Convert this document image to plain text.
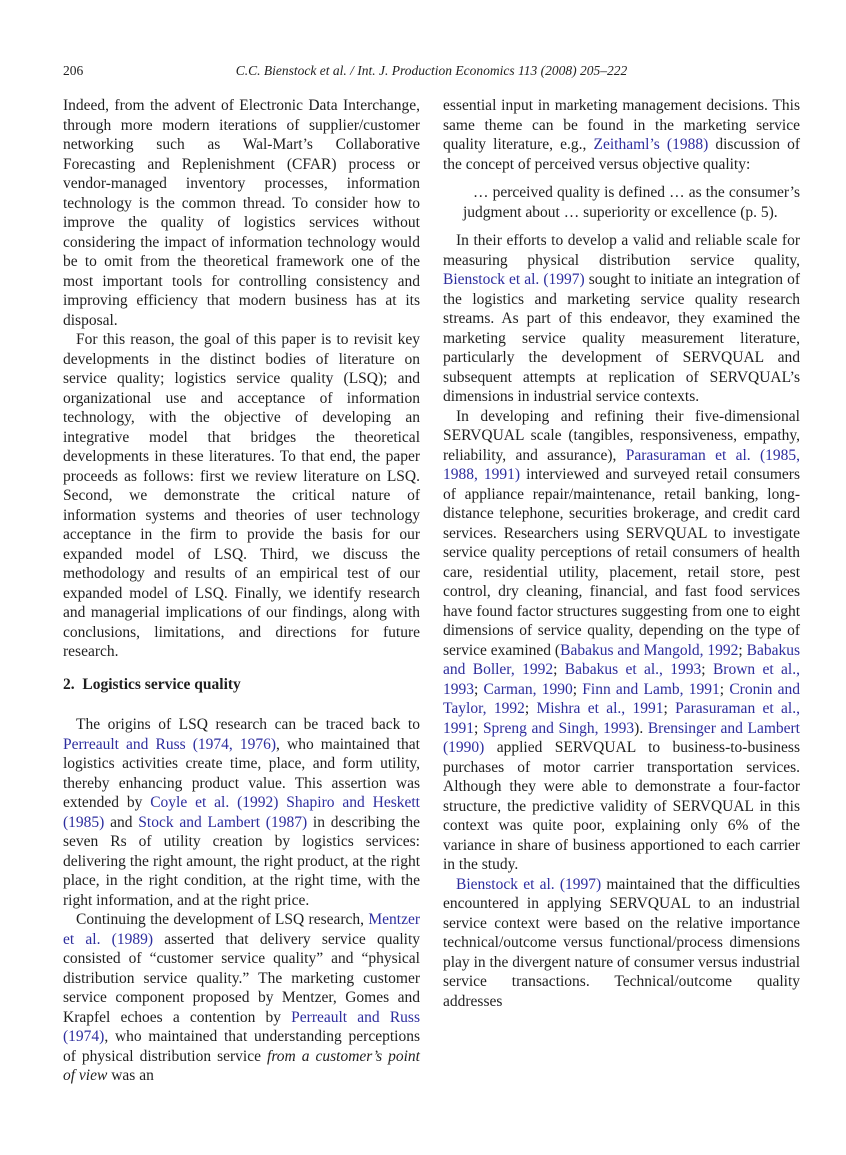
206	C.C. Bienstock et al. / Int. J. Production Economics 113 (2008) 205–222

Indeed, from the advent of Electronic Data Interchange, through more modern iterations of supplier/customer networking such as Wal-Mart’s Collaborative Forecasting and Replenishment (CFAR) process or vendor-managed inventory processes, information technology is the common thread. To consider how to improve the quality of logistics services without considering the impact of information technology would be to omit from the theoretical framework one of the most important tools for controlling consistency and improving efficiency that modern business has at its disposal.

For this reason, the goal of this paper is to revisit key developments in the distinct bodies of literature on service quality; logistics service quality (LSQ); and organizational use and acceptance of information technology, with the objective of developing an integrative model that bridges the theoretical developments in these literatures. To that end, the paper proceeds as follows: first we review literature on LSQ. Second, we demonstrate the critical nature of information systems and theories of user technology acceptance in the firm to provide the basis for our expanded model of LSQ. Third, we discuss the methodology and results of an empirical test of our expanded model of LSQ. Finally, we identify research and managerial implications of our findings, along with conclusions, limitations, and directions for future research.

2. Logistics service quality

The origins of LSQ research can be traced back to Perreault and Russ (1974, 1976), who maintained that logistics activities create time, place, and form utility, thereby enhancing product value. This assertion was extended by Coyle et al. (1992) Shapiro and Heskett (1985) and Stock and Lambert (1987) in describing the seven Rs of utility creation by logistics services: delivering the right amount, the right product, at the right place, in the right condition, at the right time, with the right information, and at the right price.

Continuing the development of LSQ research, Mentzer et al. (1989) asserted that delivery service quality consisted of “customer service quality” and “physical distribution service quality.” The marketing customer service component proposed by Mentzer, Gomes and Krapfel echoes a contention by Perreault and Russ (1974), who maintained that understanding perceptions of physical distribution service from a customer’s point of view was an

essential input in marketing management decisions. This same theme can be found in the marketing service quality literature, e.g., Zeithaml’s (1988) discussion of the concept of perceived versus objective quality:

… perceived quality is defined … as the consumer’s judgment about … superiority or excellence (p. 5).

In their efforts to develop a valid and reliable scale for measuring physical distribution service quality, Bienstock et al. (1997) sought to initiate an integration of the logistics and marketing service quality research streams. As part of this endeavor, they examined the marketing service quality measurement literature, particularly the development of SERVQUAL and subsequent attempts at replication of SERVQUAL’s dimensions in industrial service contexts.

In developing and refining their five-dimensional SERVQUAL scale (tangibles, responsiveness, empathy, reliability, and assurance), Parasuraman et al. (1985, 1988, 1991) interviewed and surveyed retail consumers of appliance repair/maintenance, retail banking, long-distance telephone, securities brokerage, and credit card services. Researchers using SERVQUAL to investigate service quality perceptions of retail consumers of health care, residential utility, placement, retail store, pest control, dry cleaning, financial, and fast food services have found factor structures suggesting from one to eight dimensions of service quality, depending on the type of service examined (Babakus and Mangold, 1992; Babakus and Boller, 1992; Babakus et al., 1993; Brown et al., 1993; Carman, 1990; Finn and Lamb, 1991; Cronin and Taylor, 1992; Mishra et al., 1991; Parasuraman et al., 1991; Spreng and Singh, 1993). Brensinger and Lambert (1990) applied SERVQUAL to business-to-business purchases of motor carrier transportation services. Although they were able to demonstrate a four-factor structure, the predictive validity of SERVQUAL in this context was quite poor, explaining only 6% of the variance in share of business apportioned to each carrier in the study.

Bienstock et al. (1997) maintained that the difficulties encountered in applying SERVQUAL to an industrial service context were based on the relative importance technical/outcome versus functional/process dimensions play in the divergent nature of consumer versus industrial service transactions. Technical/outcome quality addresses
